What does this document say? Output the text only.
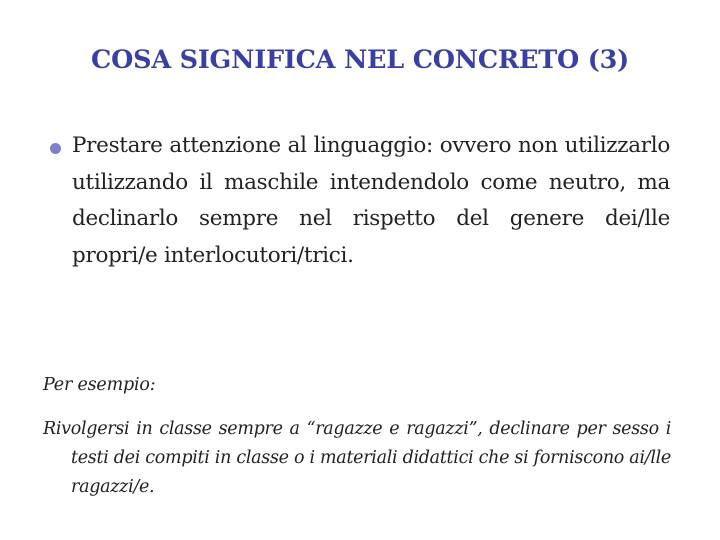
COSA SIGNIFICA NEL CONCRETO (3)
Prestare attenzione al linguaggio: ovvero non utilizzarlo utilizzando il maschile intendendolo come neutro, ma declinarlo sempre nel rispetto del genere dei/lle propri/e interlocutori/trici.
Per esempio:
Rivolgersi in classe sempre a “ragazze e ragazzi”, declinare per sesso i testi dei compiti in classe o i materiali didattici che si forniscono ai/lle ragazzi/e.
